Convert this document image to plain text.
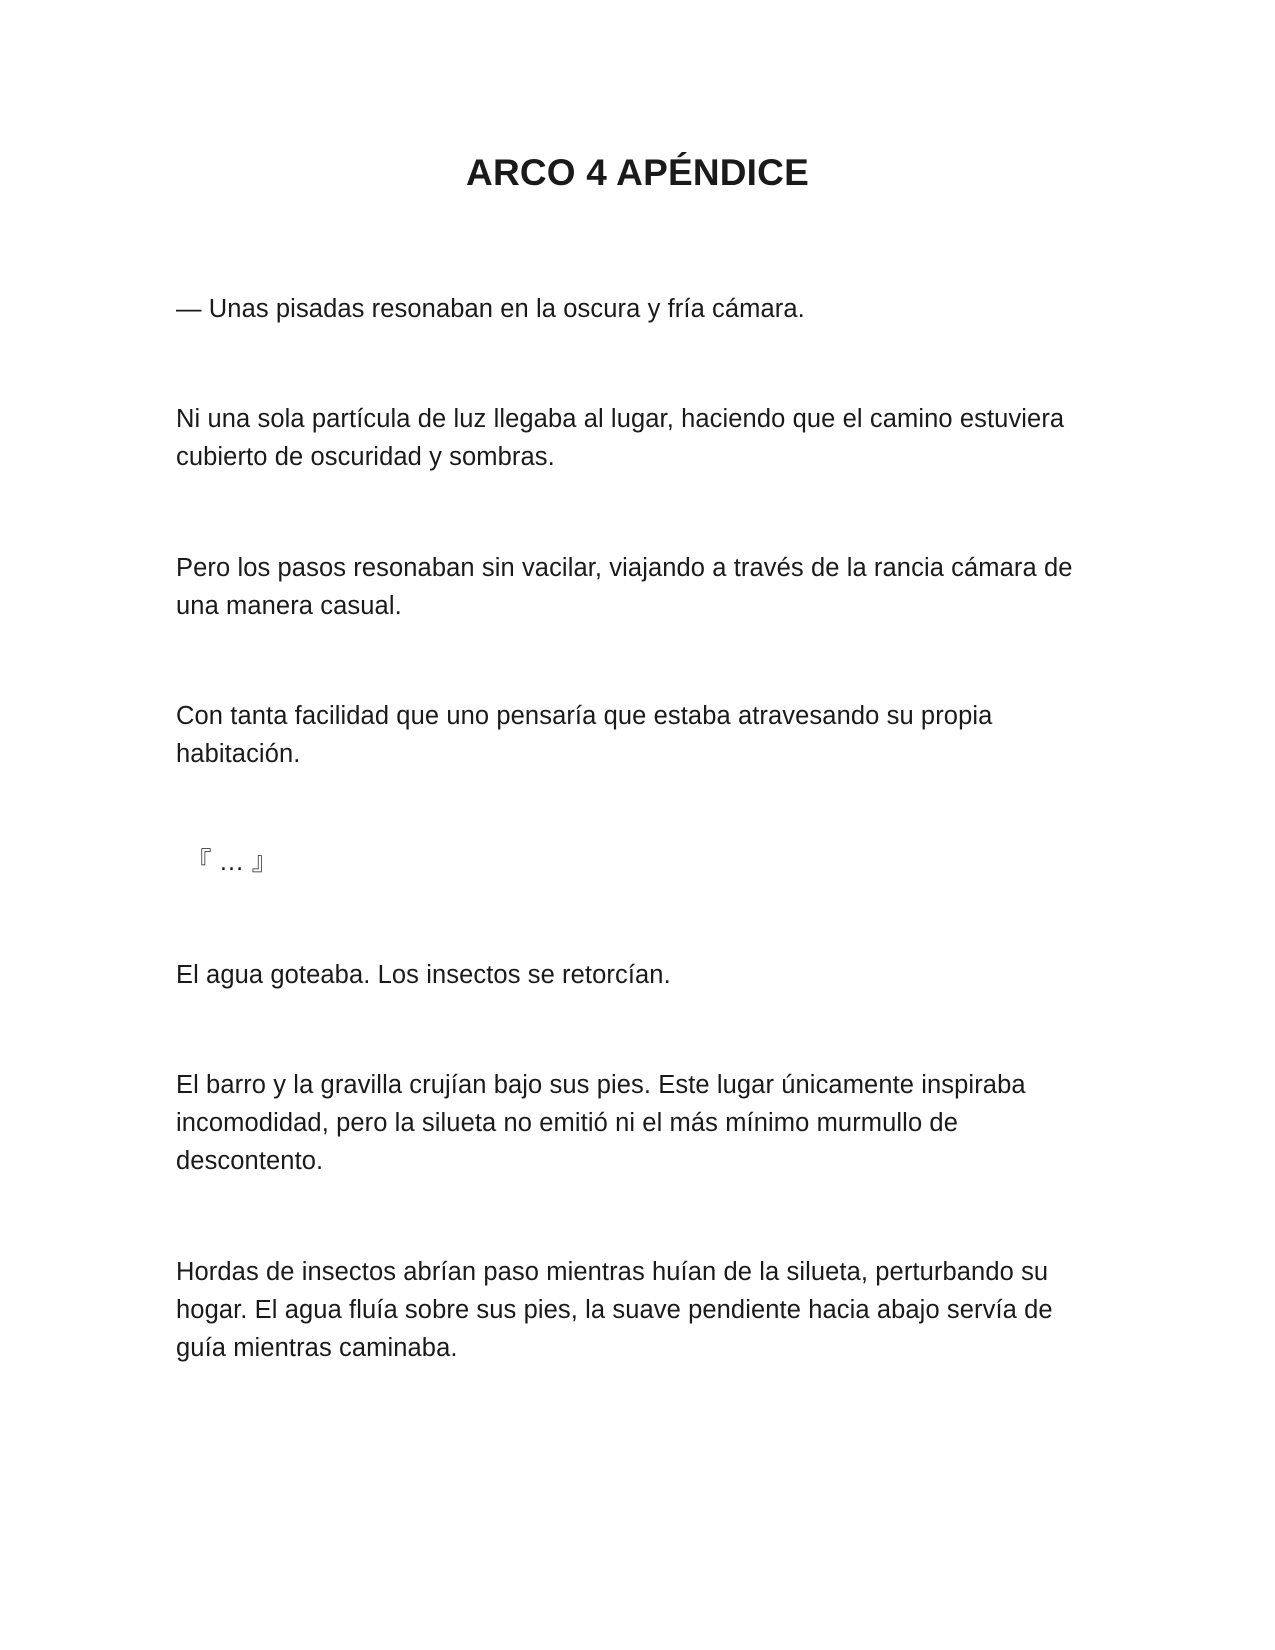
ARCO 4 APÉNDICE

— Unas pisadas resonaban en la oscura y fría cámara.

Ni una sola partícula de luz llegaba al lugar, haciendo que el camino estuviera cubierto de oscuridad y sombras.

Pero los pasos resonaban sin vacilar, viajando a través de la rancia cámara de una manera casual.

Con tanta facilidad que uno pensaría que estaba atravesando su propia habitación.

『 … 』

El agua goteaba. Los insectos se retorcían.

El barro y la gravilla crujían bajo sus pies. Este lugar únicamente inspiraba incomodidad, pero la silueta no emitió ni el más mínimo murmullo de descontento.

Hordas de insectos abrían paso mientras huían de la silueta, perturbando su hogar. El agua fluía sobre sus pies, la suave pendiente hacia abajo servía de guía mientras caminaba.
